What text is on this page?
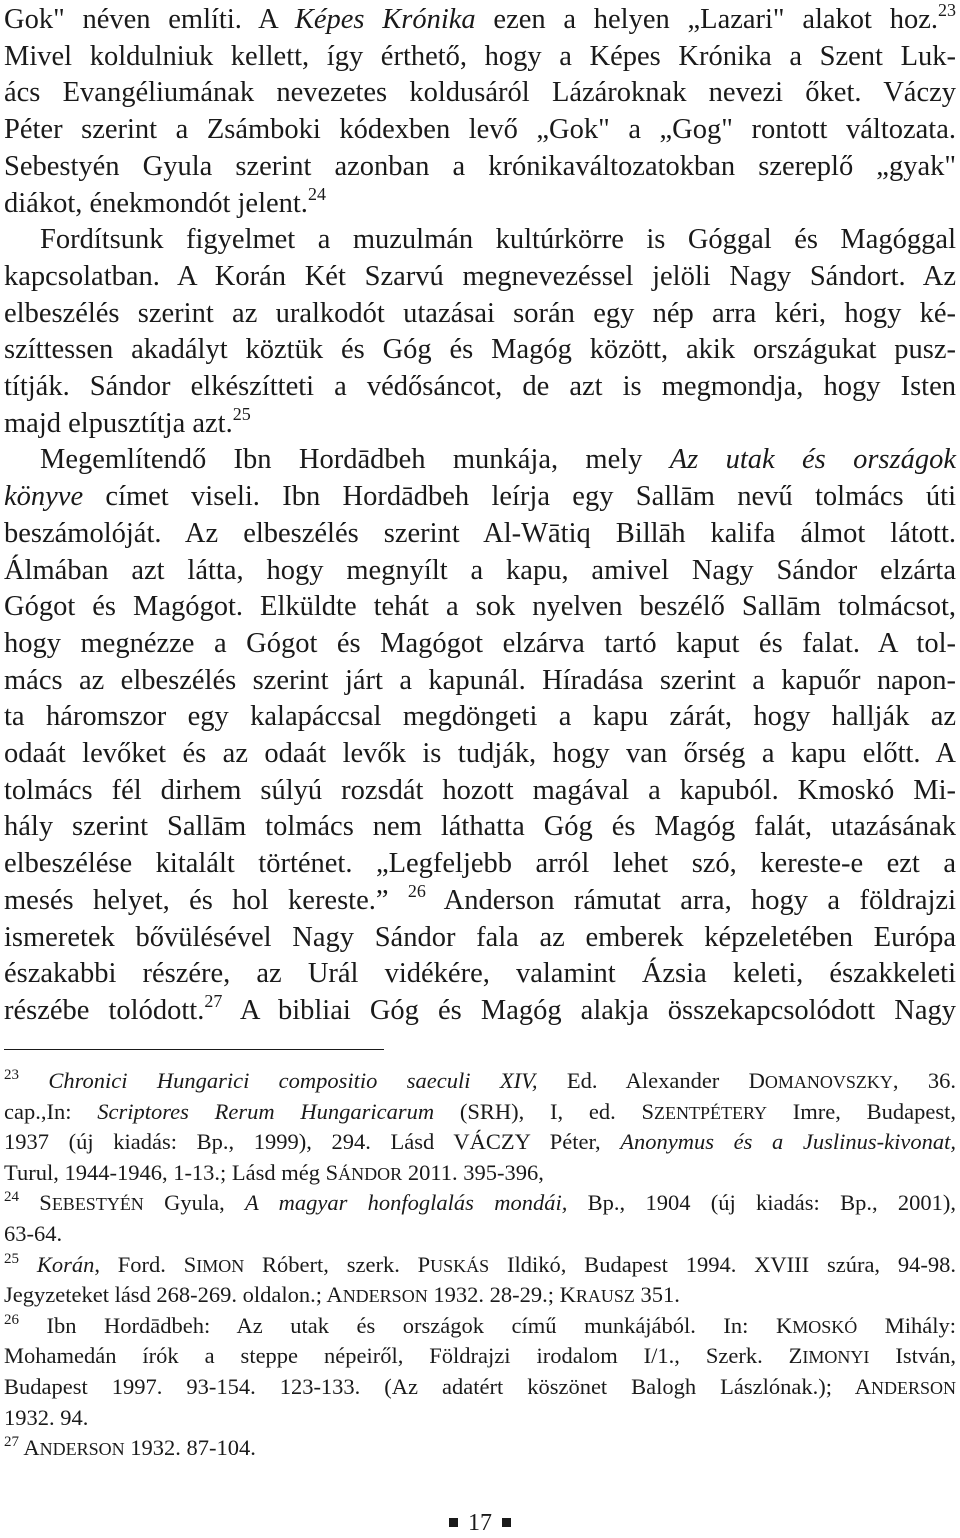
Gok" néven említi. A Képes Krónika ezen a helyen „Lazari" alakot hoz.$^{23}$
Mivel koldulniuk kellett, így érthető, hogy a Képes Krónika a Szent Luk-
ács Evangéliumának nevezetes koldusáról Lázároknak nevezi őket. Váczy
Péter szerint a Zsámboki kódexben levő „Gok" a „Gog" rontott változata.
Sebestyén Gyula szerint azonban a krónikaváltozatokban szereplő „gyak"
diákot, énekmondót jelent.$^{24}$
Fordítsunk figyelmet a muzulmán kultúrkörre is Góggal és Magóggal
kapcsolatban. A Korán Két Szarvú megnevezéssel jelöli Nagy Sándort. Az
elbeszélés szerint az uralkodót utazásai során egy nép arra kéri, hogy ké-
szíttessen akadályt köztük és Góg és Magóg között, akik országukat pusz-
títják. Sándor elkészítteti a védősáncot, de azt is megmondja, hogy Isten
majd elpusztítja azt.$^{25}$
Megemlítendő Ibn Hordādbeh munkája, mely Az utak és országok
könyve címet viseli. Ibn Hordādbeh leírja egy Sallām nevű tolmács úti
beszámolóját. Az elbeszélés szerint Al-Wātiq Billāh kalifa álmot látott.
Álmában azt látta, hogy megnyílt a kapu, amivel Nagy Sándor elzárta
Gógot és Magógot. Elküldte tehát a sok nyelven beszélő Sallām tolmácsot,
hogy megnézze a Gógot és Magógot elzárva tartó kaput és falat. A tol-
mács az elbeszélés szerint járt a kapunál. Híradása szerint a kapuőr napon-
ta háromszor egy kalapáccsal megdöngeti a kapu zárát, hogy hallják az
odaát levőket és az odaát levők is tudják, hogy van őrség a kapu előtt. A
tolmács fél dirhem súlyú rozsdát hozott magával a kapuból. Kmoskó Mi-
hály szerint Sallām tolmács nem láthatta Góg és Magóg falát, utazásának
elbeszélése kitalált történet. „Legfeljebb arról lehet szó, kereste-e ezt a
mesés helyet, és hol kereste.” $^{26}$ Anderson rámutat arra, hogy a földrajzi
ismeretek bővülésével Nagy Sándor fala az emberek képzeletében Európa
északabbi részére, az Urál vidékére, valamint Ázsia keleti, északkeleti
részébe tolódott.$^{27}$ A bibliai Góg és Magóg alakja összekapcsolódott Nagy
$^{23}$ Chronici Hungarici compositio saeculi XIV, Ed. Alexander DOMANOVSZKY, 36.
cap.,In: Scriptores Rerum Hungaricarum (SRH), I, ed. SZENTPÉTERY Imre, Budapest,
1937 (új kiadás: Bp., 1999), 294. Lásd VÁCZY Péter, Anonymus és a Juslinus-kivonat,
Turul, 1944-1946, 1-13.; Lásd még SÁNDOR 2011. 395-396,
$^{24}$ SEBESTYÉN Gyula, A magyar honfoglalás mondái, Bp., 1904 (új kiadás: Bp., 2001),
63-64.
$^{25}$ Korán, Ford. SIMON Róbert, szerk. PUSKÁS Ildikó, Budapest 1994. XVIII szúra, 94-98.
Jegyzeteket lásd 268-269. oldalon.; ANDERSON 1932. 28-29.; KRAUSZ 351.
$^{26}$ Ibn Hordādbeh: Az utak és országok című munkájából. In: KMOSKÓ Mihály:
Mohamedán írók a steppe népeiről, Földrajzi irodalom I/1., Szerk. ZIMONYI István,
Budapest 1997. 93-154. 123-133. (Az adatért köszönet Balogh Lászlónak.); ANDERSON
1932. 94.
$^{27}$ ANDERSON 1932. 87-104.
17
